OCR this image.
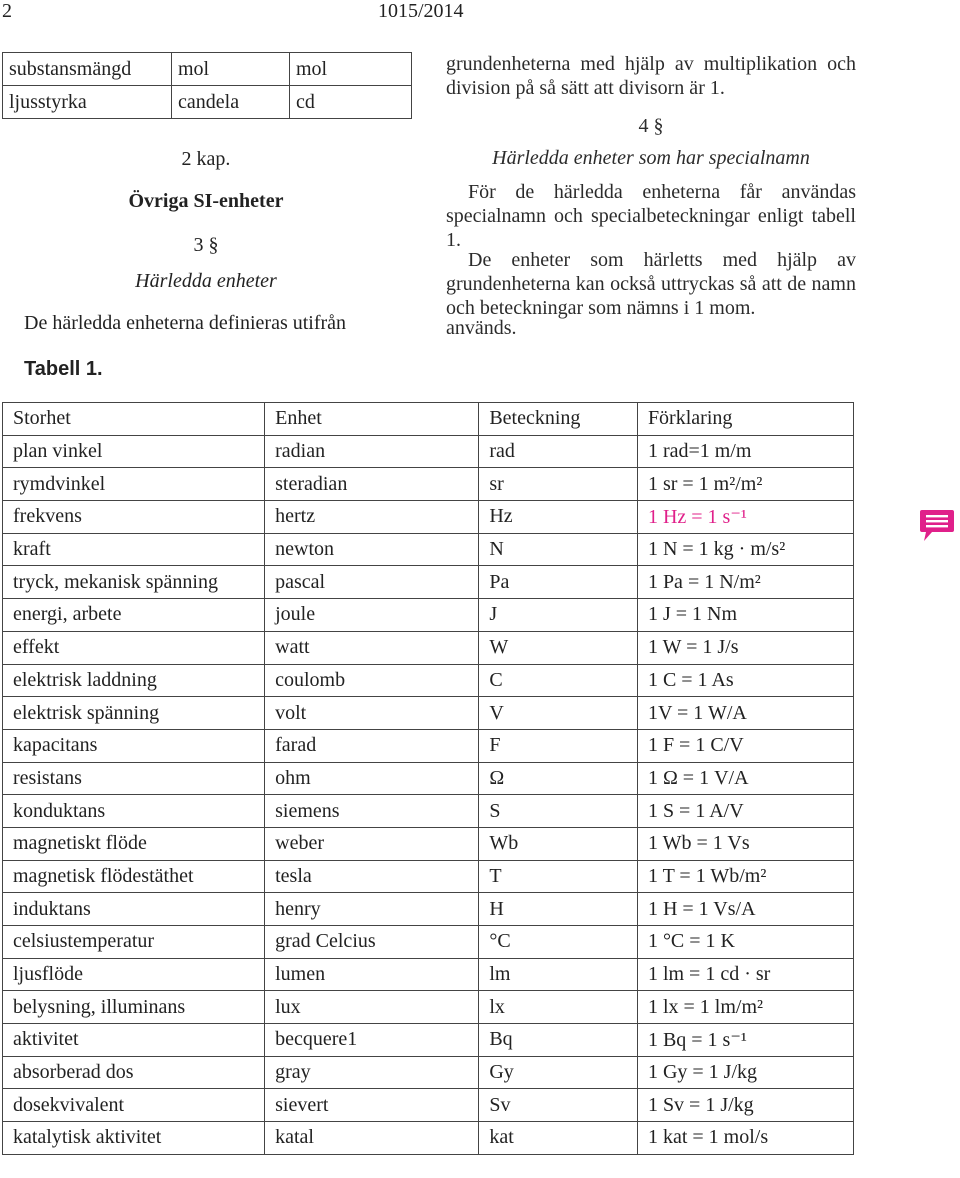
2	1015/2014
substansmängd	mol	mol
ljusstyrka	candela	cd
2 kap.
Övriga SI-enheter
3 §
Härledda enheter
De härledda enheterna definieras utifrån
grundenheterna med hjälp av multiplikation och division på så sätt att divisorn är 1.
4 §
Härledda enheter som har specialnamn
För de härledda enheterna får användas specialnamn och specialbeteckningar enligt tabell 1.
De enheter som härletts med hjälp av grundenheterna kan också uttryckas så att de namn och beteckningar som nämns i 1 mom.
används.
Tabell 1.
Storhet	Enhet	Beteckning	Förklaring
plan vinkel	radian	rad	1 rad=1 m/m
rymdvinkel	steradian	sr	1 sr = 1 m²/m²
frekvens	hertz	Hz	1 Hz = 1 s⁻¹
kraft	newton	N	1 N = 1 kg · m/s²
tryck, mekanisk spänning	pascal	Pa	1 Pa = 1 N/m²
energi, arbete	joule	J	1 J = 1 Nm
effekt	watt	W	1 W = 1 J/s
elektrisk laddning	coulomb	C	1 C = 1 As
elektrisk spänning	volt	V	1V = 1 W/A
kapacitans	farad	F	1 F = 1 C/V
resistans	ohm	Ω	1 Ω = 1 V/A
konduktans	siemens	S	1 S = 1 A/V
magnetiskt flöde	weber	Wb	1 Wb = 1 Vs
magnetisk flödestäthet	tesla	T	1 T = 1 Wb/m²
induktans	henry	H	1 H = 1 Vs/A
celsiustemperatur	grad Celcius	°C	1 °C = 1 K
ljusflöde	lumen	lm	1 lm = 1 cd · sr
belysning, illuminans	lux	lx	1 lx = 1 lm/m²
aktivitet	becquere1	Bq	1 Bq = 1 s⁻¹
absorberad dos	gray	Gy	1 Gy = 1 J/kg
dosekvivalent	sievert	Sv	1 Sv = 1 J/kg
katalytisk aktivitet	katal	kat	1 kat = 1 mol/s
